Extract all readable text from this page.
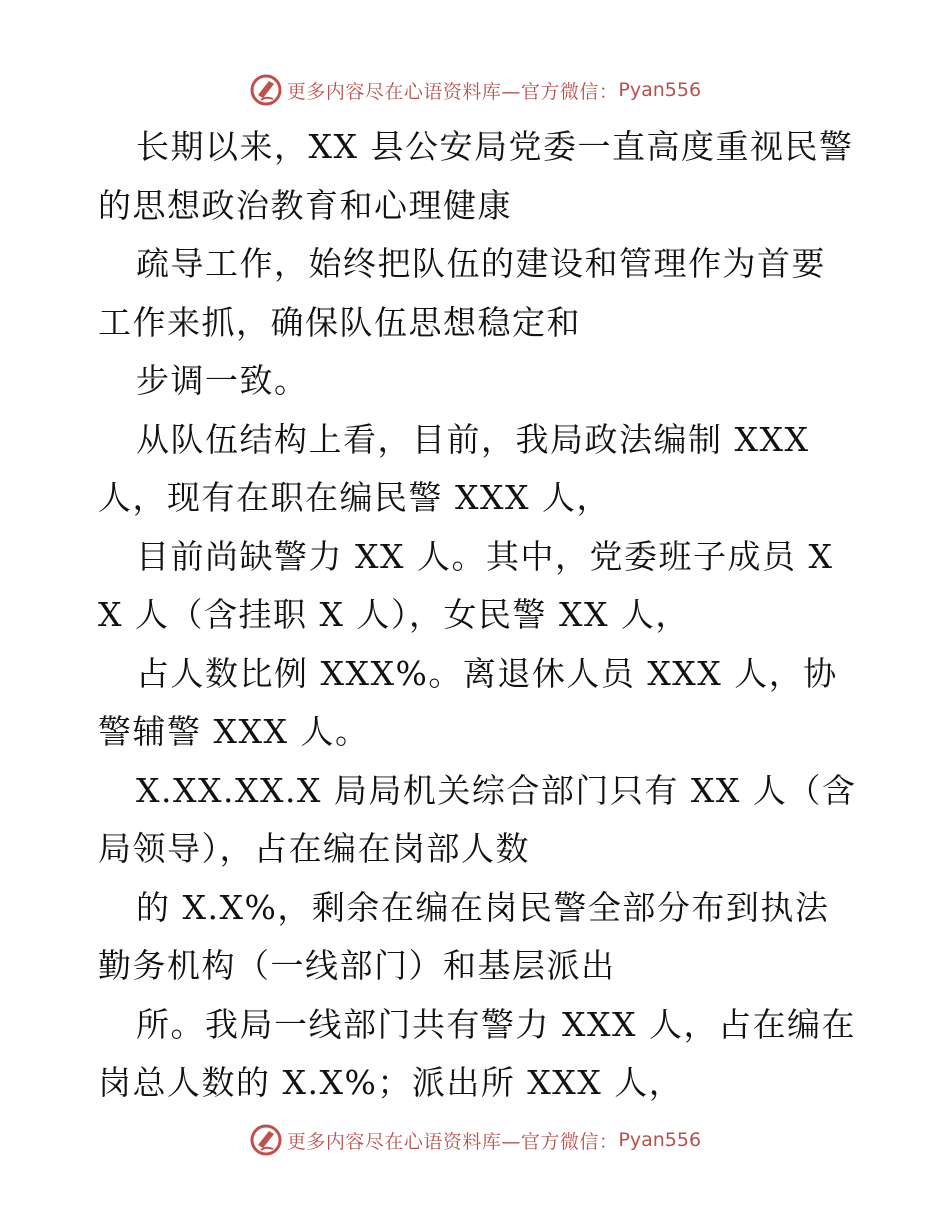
更多内容尽在心语资料库—官方微信： Pyan556

长期以来，XX 县公安局党委一直高度重视民警的思想政治教育和心理健康

疏导工作，始终把队伍的建设和管理作为首要工作来抓，确保队伍思想稳定和

步调一致。

从队伍结构上看，目前，我局政法编制 XXX 人，现有在职在编民警 XXX 人，

目前尚缺警力 XX 人。其中，党委班子成员 XX 人（含挂职 X 人），女民警 XX 人，

占人数比例 XXX%。离退休人员 XXX 人，协警辅警 XXX 人。

X.XX.XX.X 局局机关综合部门只有 XX 人（含局领导），占在编在岗部人数

的 X.X%，剩余在编在岗民警全部分布到执法勤务机构（一线部门）和基层派出

所。我局一线部门共有警力 XXX 人，占在编在岗总人数的 X.X%；派出所 XXX 人，

更多内容尽在心语资料库—官方微信： Pyan556
